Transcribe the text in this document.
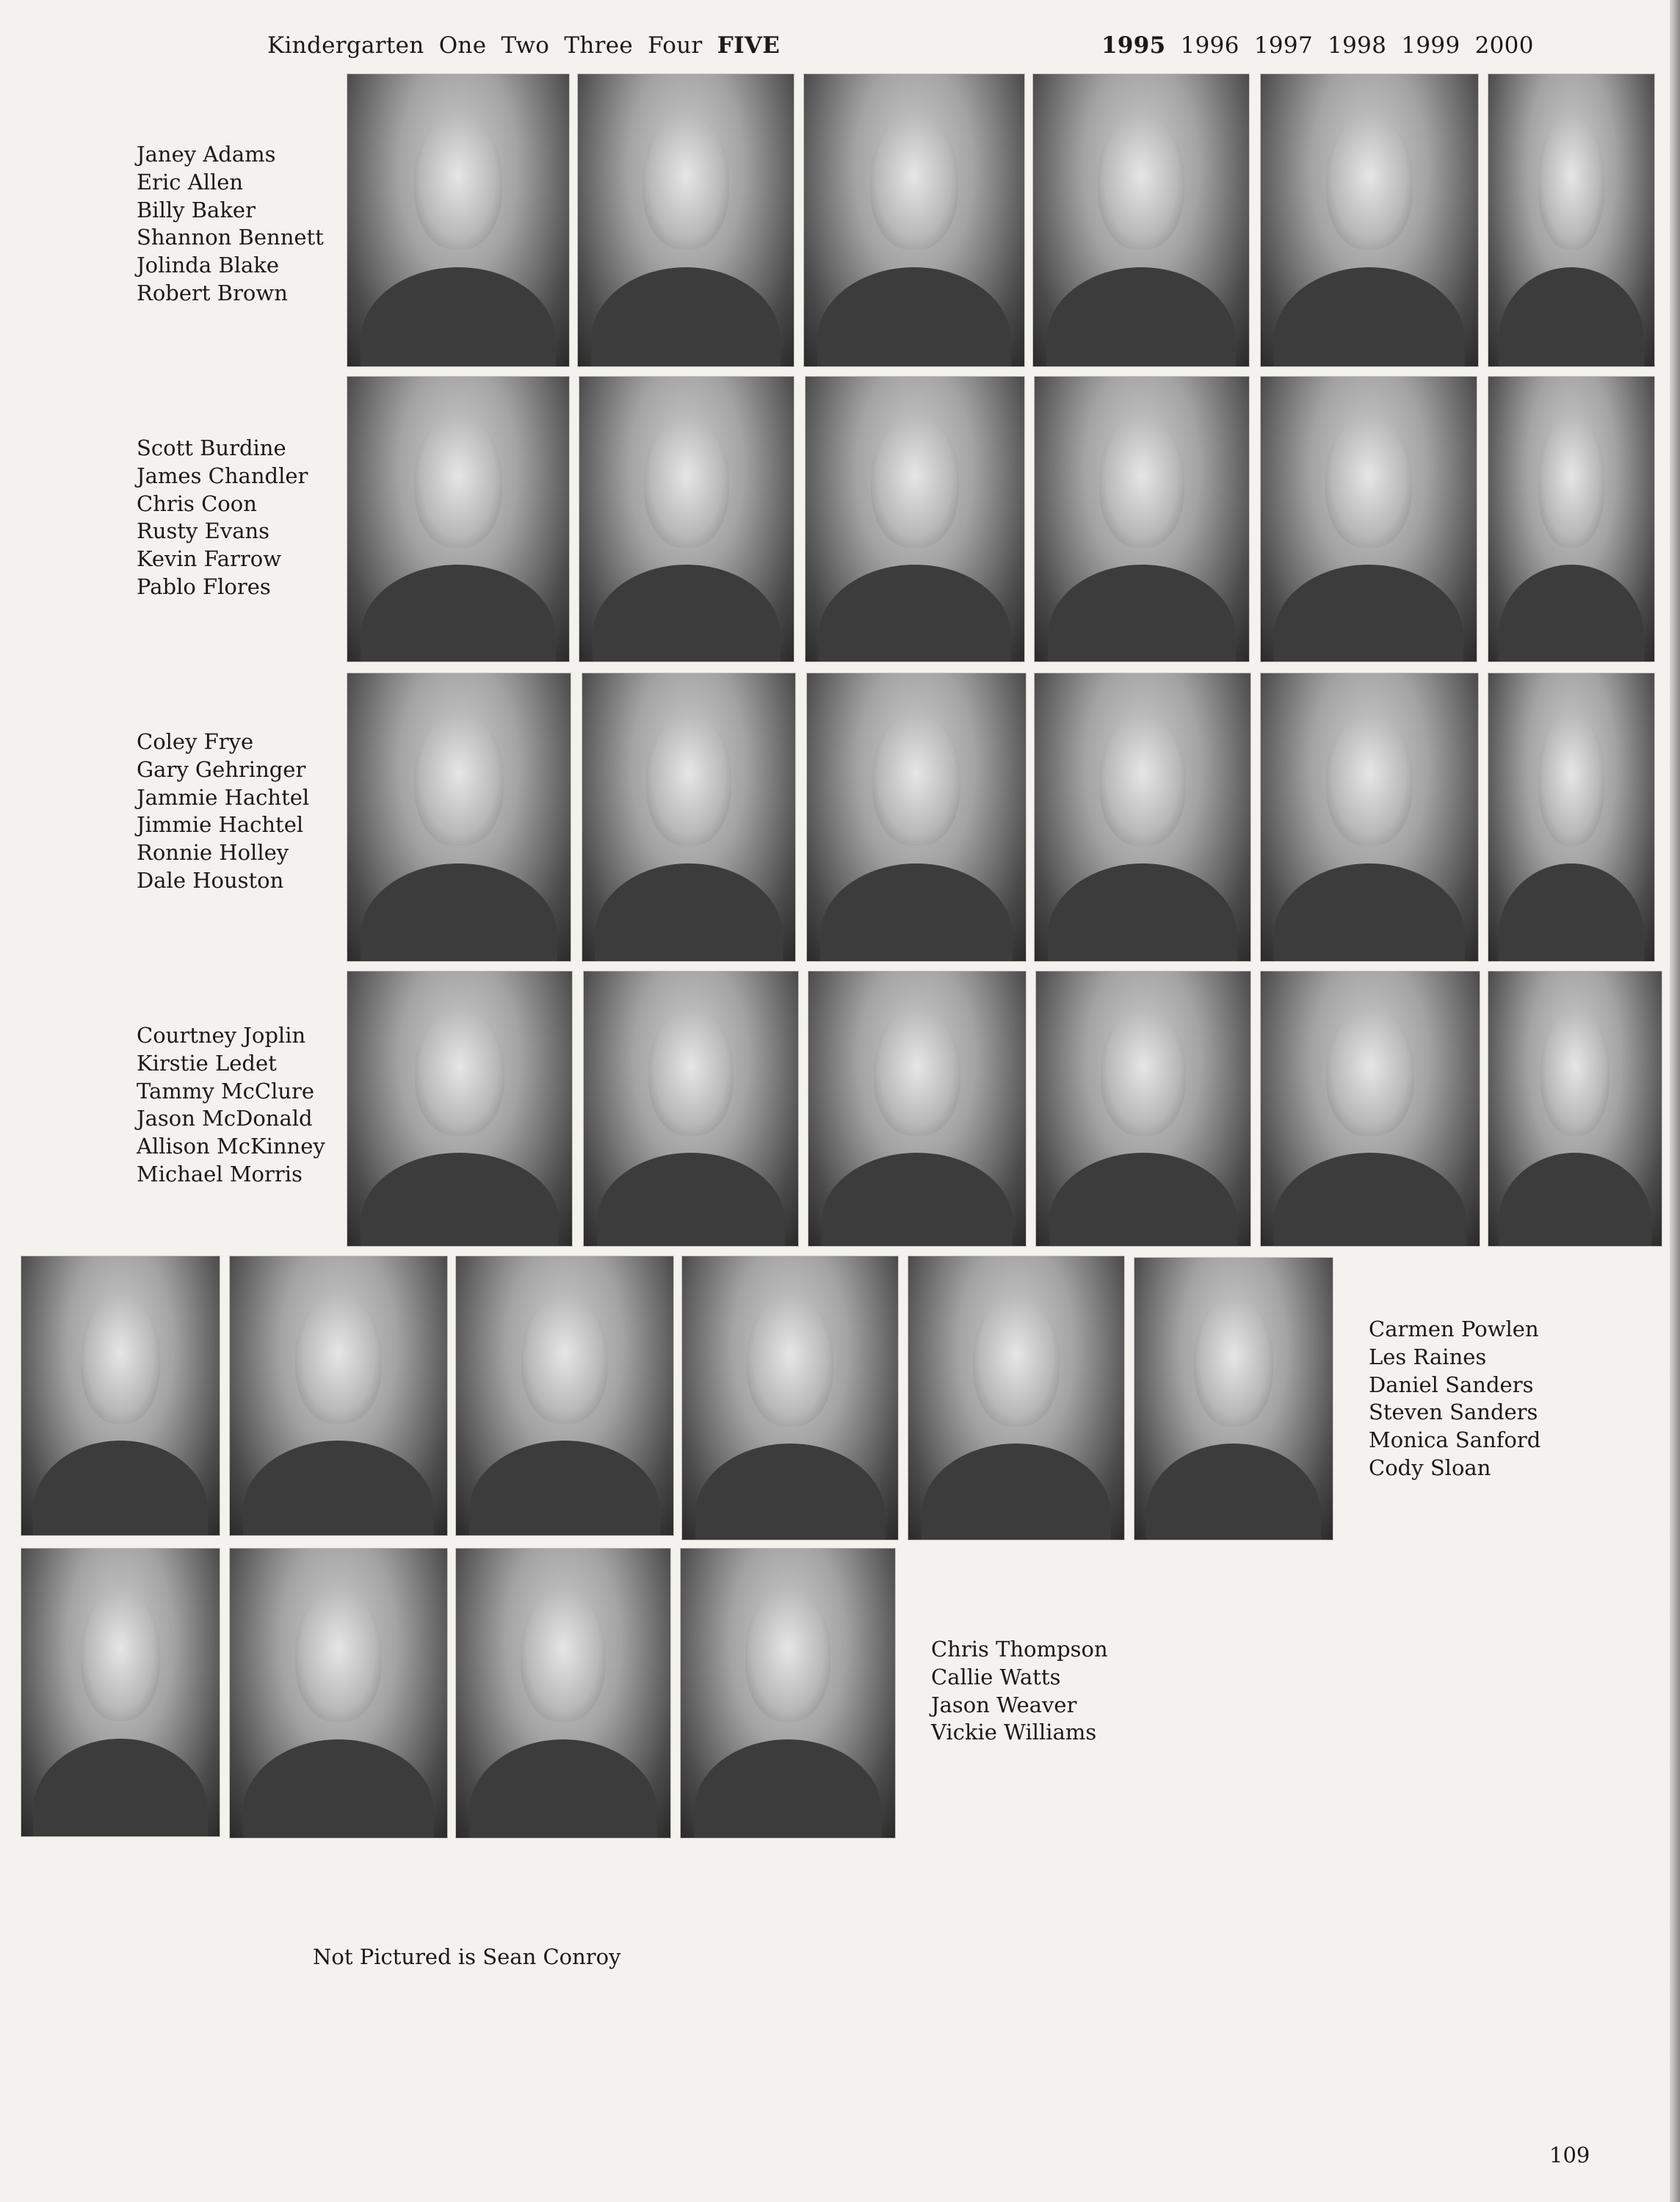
Kindergarten One Two Three Four FIVE	1995 1996 1997 1998 1999 2000
Janey Adams
Eric Allen
Billy Baker
Shannon Bennett
Jolinda Blake
Robert Brown
Scott Burdine
James Chandler
Chris Coon
Rusty Evans
Kevin Farrow
Pablo Flores
Coley Frye
Gary Gehringer
Jammie Hachtel
Jimmie Hachtel
Ronnie Holley
Dale Houston
Courtney Joplin
Kirstie Ledet
Tammy McClure
Jason McDonald
Allison McKinney
Michael Morris
Carmen Powlen
Les Raines
Daniel Sanders
Steven Sanders
Monica Sanford
Cody Sloan
Chris Thompson
Callie Watts
Jason Weaver
Vickie Williams
Not Pictured is Sean Conroy
109
